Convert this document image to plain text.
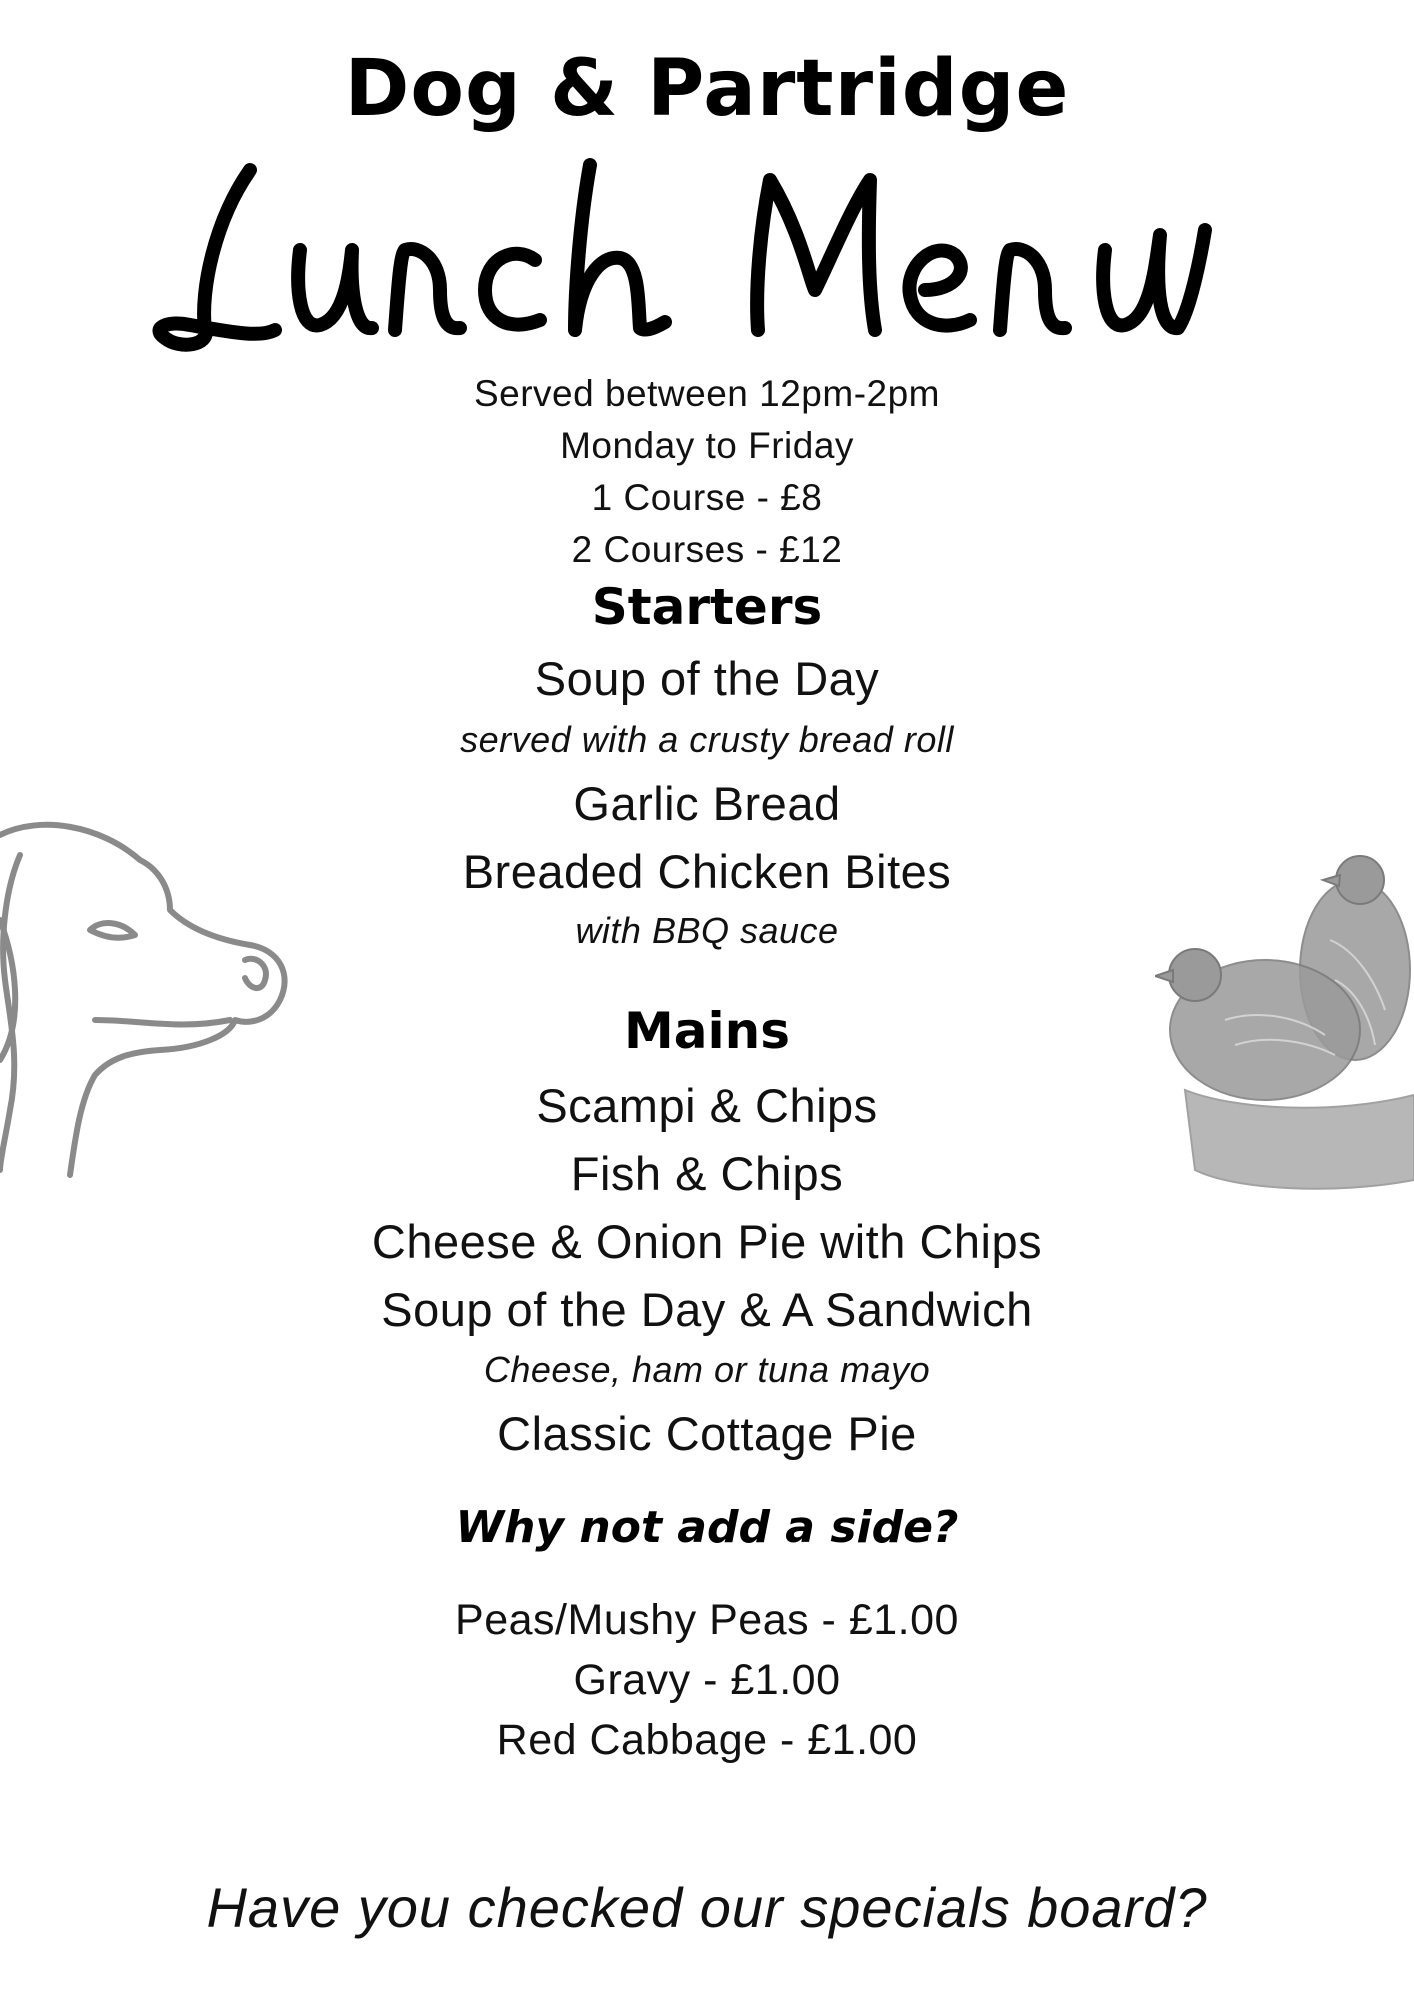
Dog & Partridge
Served between 12pm-2pm
Monday to Friday
1 Course - £8
2 Courses - £12
Starters
Soup of the Day
served with a crusty bread roll
Garlic Bread
Breaded Chicken Bites
with BBQ sauce
Mains
Scampi & Chips
Fish & Chips
Cheese & Onion Pie with Chips
Soup of the Day & A Sandwich
Cheese, ham or tuna mayo
Classic Cottage Pie
Why not add a side?
Peas/Mushy Peas - £1.00
Gravy - £1.00
Red Cabbage - £1.00
Have you checked our specials board?
